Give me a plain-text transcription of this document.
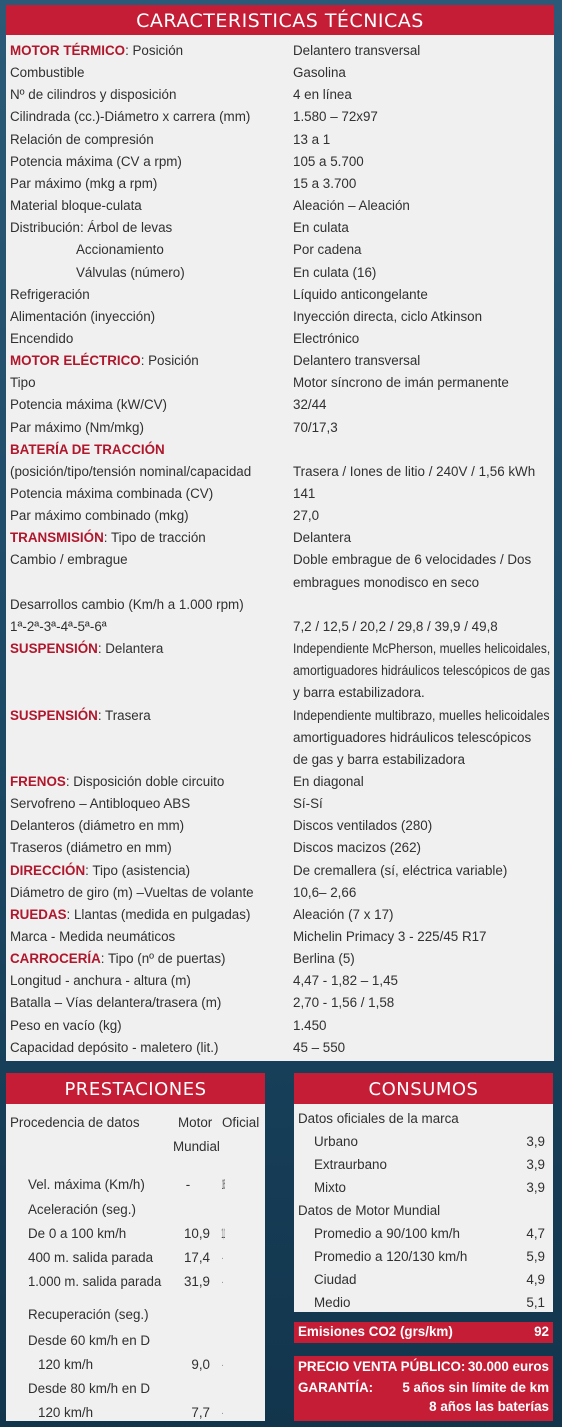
CARACTERISTICAS TÉCNICAS
MOTOR TÉRMICO: Posición	Delantero transversal
Combustible	Gasolina
Nº de cilindros y disposición	4 en línea
Cilindrada (cc.)-Diámetro x carrera (mm)	1.580 – 72x97
Relación de compresión	13 a 1
Potencia máxima (CV a rpm)	105 a 5.700
Par máximo (mkg a rpm)	15 a 3.700
Material bloque-culata	Aleación – Aleación
Distribución: Árbol de levas	En culata
Accionamiento	Por cadena
Válvulas (número)	En culata (16)
Refrigeración	Líquido anticongelante
Alimentación (inyección)	Inyección directa, ciclo Atkinson
Encendido	Electrónico
MOTOR ELÉCTRICO: Posición	Delantero transversal
Tipo	Motor síncrono de imán permanente
Potencia máxima (kW/CV)	32/44
Par máximo (Nm/mkg)	70/17,3
BATERÍA DE TRACCIÓN
(posición/tipo/tensión nominal/capacidad	Trasera / Iones de litio / 240V / 1,56 kWh
Potencia máxima combinada (CV)	141
Par máximo combinado (mkg)	27,0
TRANSMISIÓN: Tipo de tracción	Delantera
Cambio / embrague	Doble embrague de 6 velocidades / Dos
embragues monodisco en seco
Desarrollos cambio (Km/h a 1.000 rpm)
1ª-2ª-3ª-4ª-5ª-6ª	7,2 / 12,5 / 20,2 / 29,8 / 39,9 / 49,8
SUSPENSIÓN: Delantera	Independiente McPherson, muelles helicoidales,
amortiguadores hidráulicos telescópicos de gas
y barra estabilizadora.
SUSPENSIÓN: Trasera	Independiente multibrazo, muelles helicoidales
amortiguadores hidráulicos telescópicos
de gas y barra estabilizadora
FRENOS: Disposición doble circuito	En diagonal
Servofreno – Antibloqueo ABS	Sí-Sí
Delanteros (diámetro en mm)	Discos ventilados (280)
Traseros (diámetro en mm)	Discos macizos (262)
DIRECCIÓN: Tipo (asistencia)	De cremallera (sí, eléctrica variable)
Diámetro de giro (m) –Vueltas de volante	10,6– 2,66
RUEDAS: Llantas (medida en pulgadas)	Aleación (7 x 17)
Marca - Medida neumáticos	Michelin Primacy 3 - 225/45 R17
CARROCERÍA: Tipo (nº de puertas)	Berlina (5)
Longitud - anchura - altura (m)	4,47 - 1,82 – 1,45
Batalla – Vías delantera/trasera (m)	2,70 - 1,56 / 1,58
Peso en vacío (kg)	1.450
Capacidad depósito - maletero (lit.)	45 – 550
PRESTACIONES
Procedencia de datos	Motor
Mundial
Oficial
Vel. máxima (Km/h)	-	185
Aceleración (seg.)
De 0 a 100 km/h	10,9 11,1
400 m. salida parada	17,4 -
1.000 m. salida parada	31,9 -
Recuperación (seg.)
Desde 60 km/h en D
120 km/h	9,0 -
Desde 80 km/h en D
120 km/h	7,7 -
CONSUMOS
Datos oficiales de la marca
Urbano	3,9
Extraurbano	3,9
Mixto	3,9
Datos de Motor Mundial
Promedio a 90/100 km/h	4,7
Promedio a 120/130 km/h	5,9
Ciudad	4,9
Medio	5,1
Emisiones CO2 (grs/km)	92
PRECIO VENTA PÚBLICO: 30.000 euros
GARANTÍA: 5 años sin límite de km
8 años las baterías
